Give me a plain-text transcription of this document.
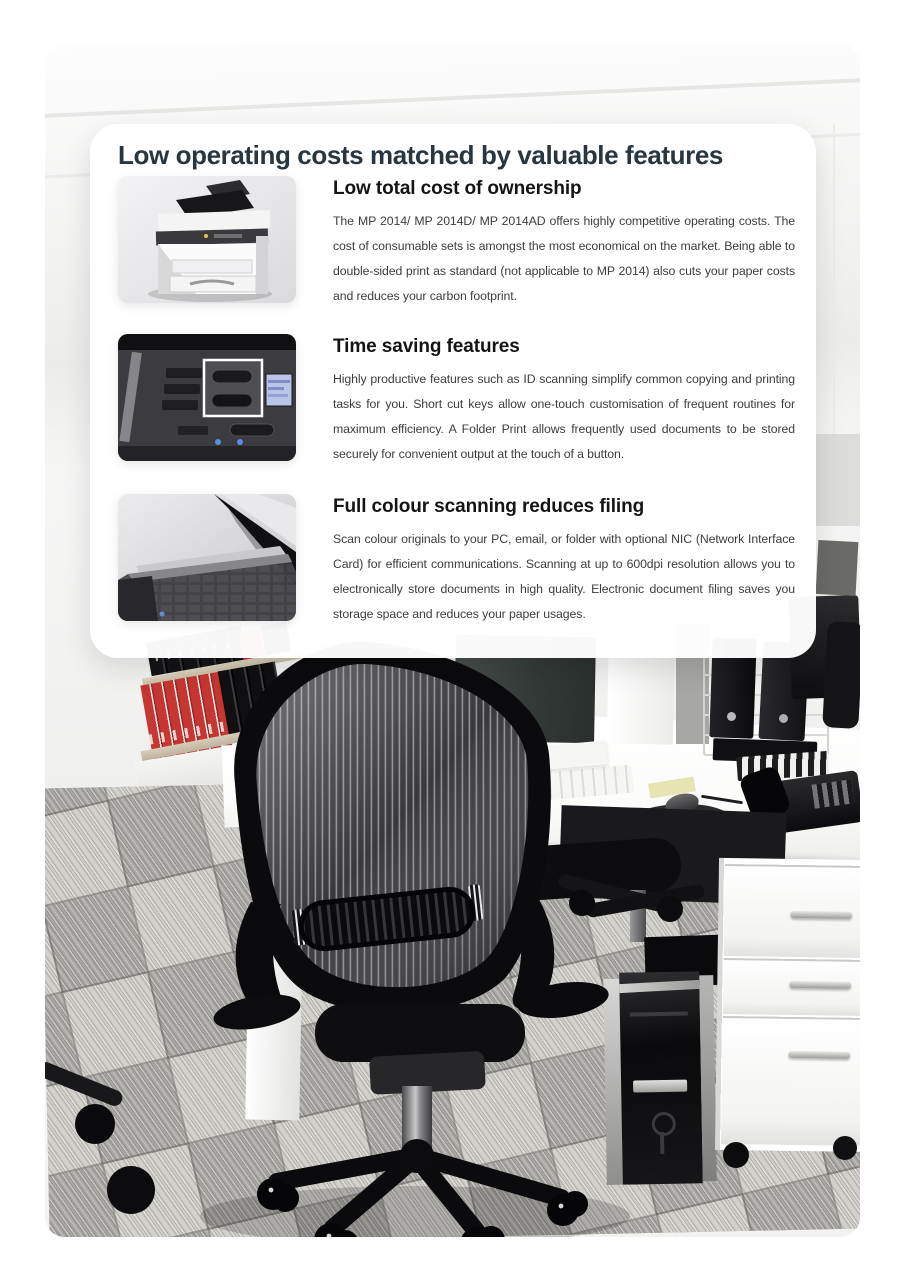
Low operating costs matched by valuable features
Low total cost of ownership

The MP 2014/ MP 2014D/ MP 2014AD offers highly competitive operating costs. The cost of consumable sets is amongst the most economical on the market. Being able to double-sided print as standard (not applicable to MP 2014) also cuts your paper costs and reduces your carbon footprint.

Time saving features

Highly productive features such as ID scanning simplify common copying and printing tasks for you. Short cut keys allow one-touch customisation of frequent routines for maximum efficiency. A Folder Print allows frequently used documents to be stored securely for convenient output at the touch of a button.

Full colour scanning reduces filing

Scan colour originals to your PC, email, or folder with optional NIC (Network Interface Card) for efficient communications. Scanning at up to 600dpi resolution allows you to electronically store documents in high quality. Electronic document filing saves you storage space and reduces your paper usages.
